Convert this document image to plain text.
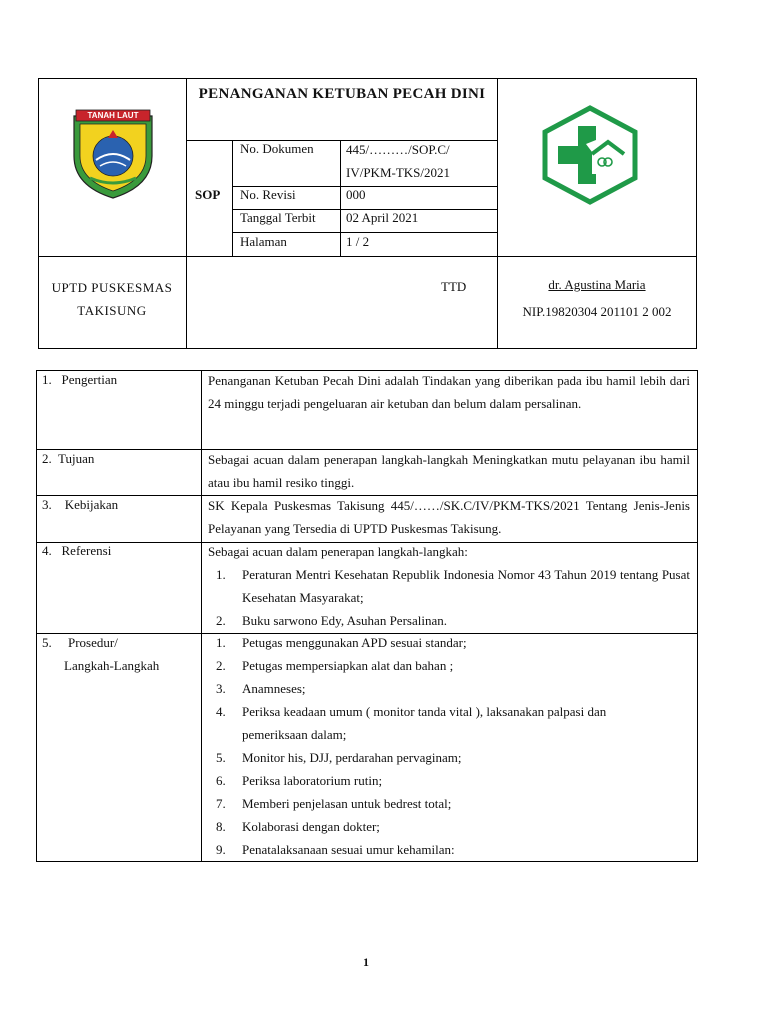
TANAH LAUT
PENANGANAN KETUBAN PECAH DINI
SOP
No. Dokumen 445/………/SOP.C/ IV/PKM-TKS/2021
No. Revisi	000
Tanggal Terbit 02 April 2021
Halaman	1 / 2
UPTD PUSKESMAS
TAKISUNG
TTD	dr. Agustina Maria
NIP.19820304 201101 2 002
1.   Pengertian	Penanganan Ketuban Pecah Dini adalah Tindakan yang diberikan pada ibu hamil lebih dari 24 minggu terjadi pengeluaran air ketuban dan belum dalam persalinan.
2.  Tujuan	Sebagai acuan dalam penerapan langkah-langkah Meningkatkan mutu pelayanan ibu hamil atau ibu hamil resiko tinggi.
3.    Kebijakan	SK Kepala Puskesmas Takisung 445/……/SK.C/IV/PKM-TKS/2021 Tentang Jenis-Jenis Pelayanan yang Tersedia di UPTD Puskesmas Takisung.
4.   Referensi	Sebagai acuan dalam penerapan langkah-langkah:
1. Peraturan Mentri Kesehatan Republik Indonesia Nomor 43 Tahun 2019 tentang Pusat Kesehatan Masyarakat;
2. Buku sarwono Edy, Asuhan Persalinan.
5.     Prosedur/
Langkah-Langkah
1. Petugas menggunakan APD sesuai standar;
2. Petugas mempersiapkan alat dan bahan ;
3. Anamneses;
4. Periksa keadaan umum ( monitor tanda vital ), laksanakan palpasi dan pemeriksaan dalam;
5. Monitor his, DJJ, perdarahan pervaginam;
6. Periksa laboratorium rutin;
7. Memberi penjelasan untuk bedrest total;
8. Kolaborasi dengan dokter;
9. Penatalaksanaan sesuai umur kehamilan:
1
